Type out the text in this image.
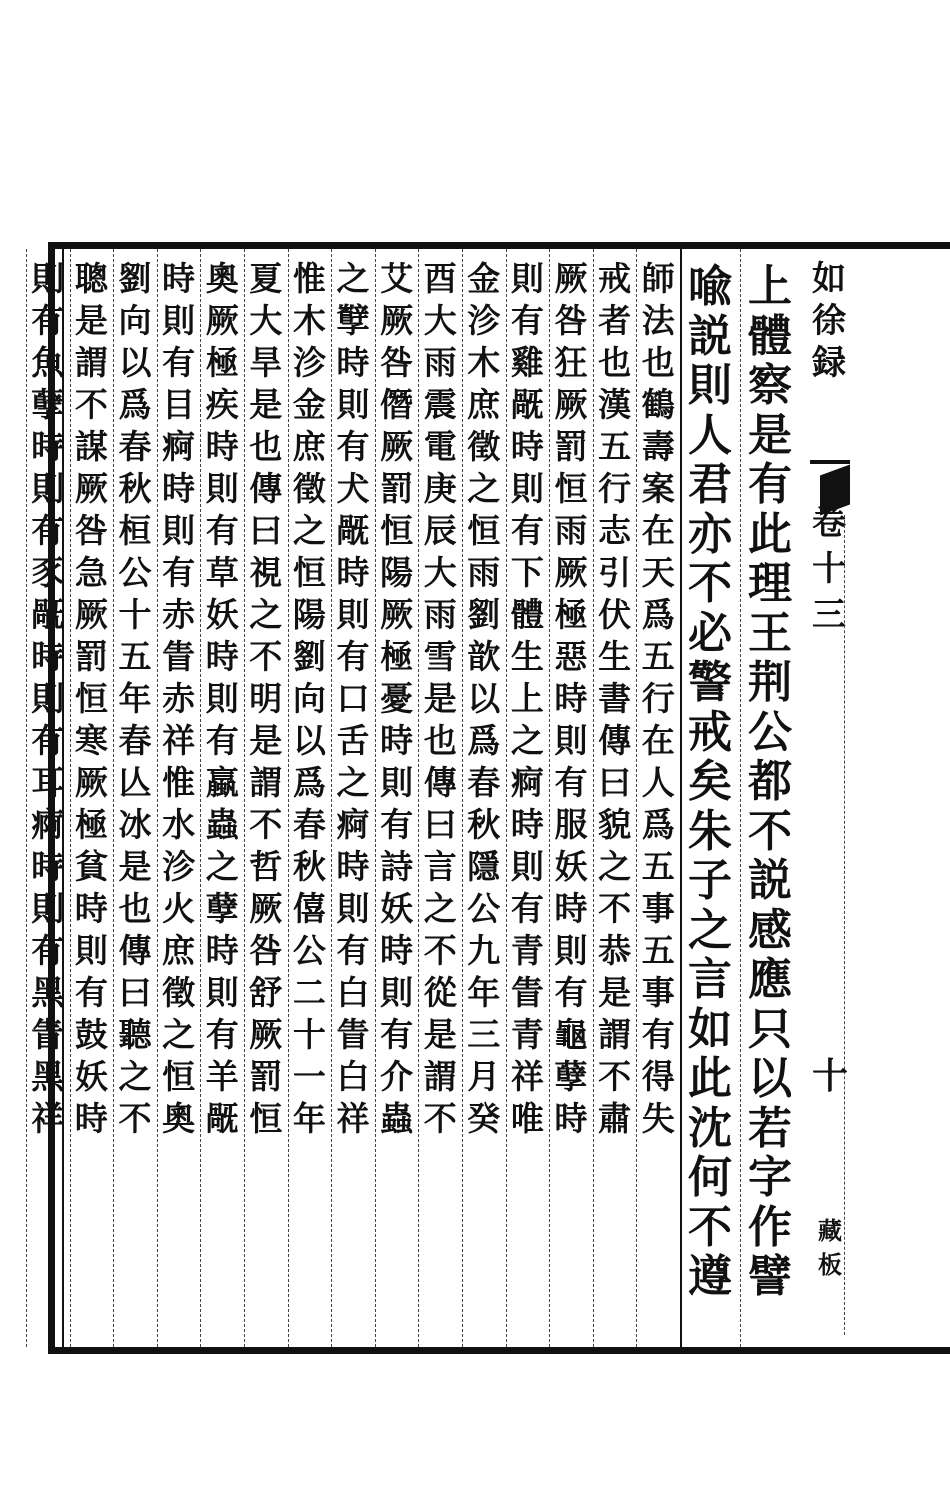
如
徐
録
卷
十
三
十
藏
板
上
體
察
是
有
此
理
王
荆
公
都
不
説
感
應
只
以
若
字
作
譬
喩
説
則
人
君
亦
不
必
警
戒
矣
朱
子
之
言
如
此
沈
何
不
遵
師
法
也
鶴
壽
案
在
天
爲
五
行
在
人
爲
五
事
五
事
有
得
失
戒
者
也
漢
五
行
志
引
伏
生
書
傳
曰
貌
之
不
恭
是
謂
不
肅
厥
咎
狂
厥
罰
恒
雨
厥
極
惡
時
則
有
服
妖
時
則
有
龜
孽
時
則
有
雞
旤
時
則
有
下
體
生
上
之
痾
時
則
有
青
眚
青
祥
唯
金
沴
木
庶
徵
之
恒
雨
劉
歆
以
爲
春
秋
隱
公
九
年
三
月
癸
酉
大
雨
震
電
庚
辰
大
雨
雪
是
也
傳
曰
言
之
不
從
是
謂
不
艾
厥
咎
僭
厥
罰
恒
陽
厥
極
憂
時
則
有
詩
妖
時
則
有
介
蟲
之
孼
時
則
有
犬
旤
時
則
有
口
舌
之
痾
時
則
有
白
眚
白
祥
惟
木
沴
金
庶
徵
之
恒
陽
劉
向
以
爲
春
秋
僖
公
二
十
一
年
夏
大
旱
是
也
傳
曰
視
之
不
明
是
謂
不
哲
厥
咎
舒
厥
罰
恒
奧
厥
極
疾
時
則
有
草
妖
時
則
有
蠃
蟲
之
孽
時
則
有
羊
旤
時
則
有
目
痾
時
則
有
赤
眚
赤
祥
惟
水
沴
火
庶
徵
之
恒
奧
劉
向
以
爲
春
秋
桓
公
十
五
年
春
亾
冰
是
也
傳
曰
聽
之
不
聰
是
謂
不
謀
厥
咎
急
厥
罰
恒
寒
厥
極
貧
時
則
有
鼓
妖
時
則
有
魚
孽
時
則
有
豕
旤
時
則
有
耳
痾
時
則
有
黑
眚
黑
祥
